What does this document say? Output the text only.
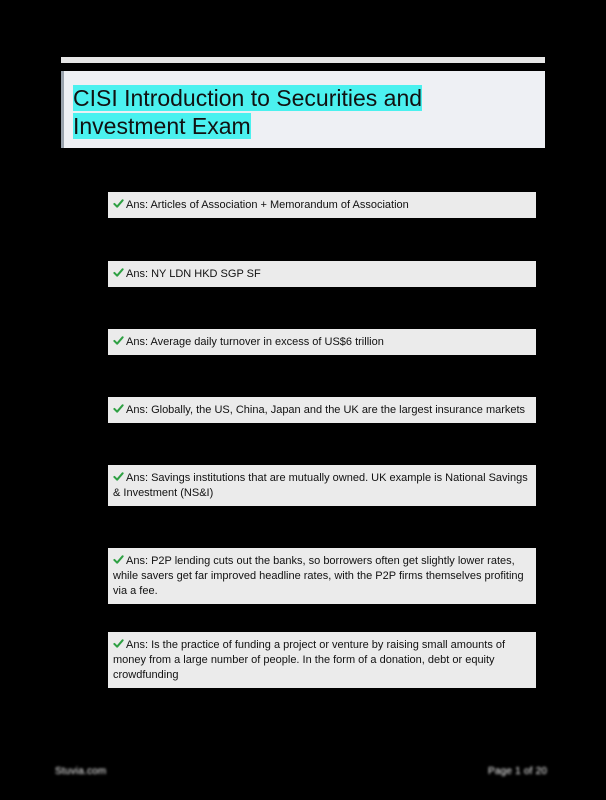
CISI Introduction to Securities and Investment Exam
Ans: Articles of Association + Memorandum of Association
Ans: NY LDN HKD SGP SF
Ans: Average daily turnover in excess of US$6 trillion
Ans: Globally, the US, China, Japan and the UK are the largest insurance markets
Ans: Savings institutions that are mutually owned. UK example is National Savings & Investment (NS&I)
Ans: P2P lending cuts out the banks, so borrowers often get slightly lower rates, while savers get far improved headline rates, with the P2P firms themselves profiting via a fee.
Ans: Is the practice of funding a project or venture by raising small amounts of money from a large number of people. In the form of a donation, debt or equity crowdfunding
Stuvia.com	Page 1 of 20
